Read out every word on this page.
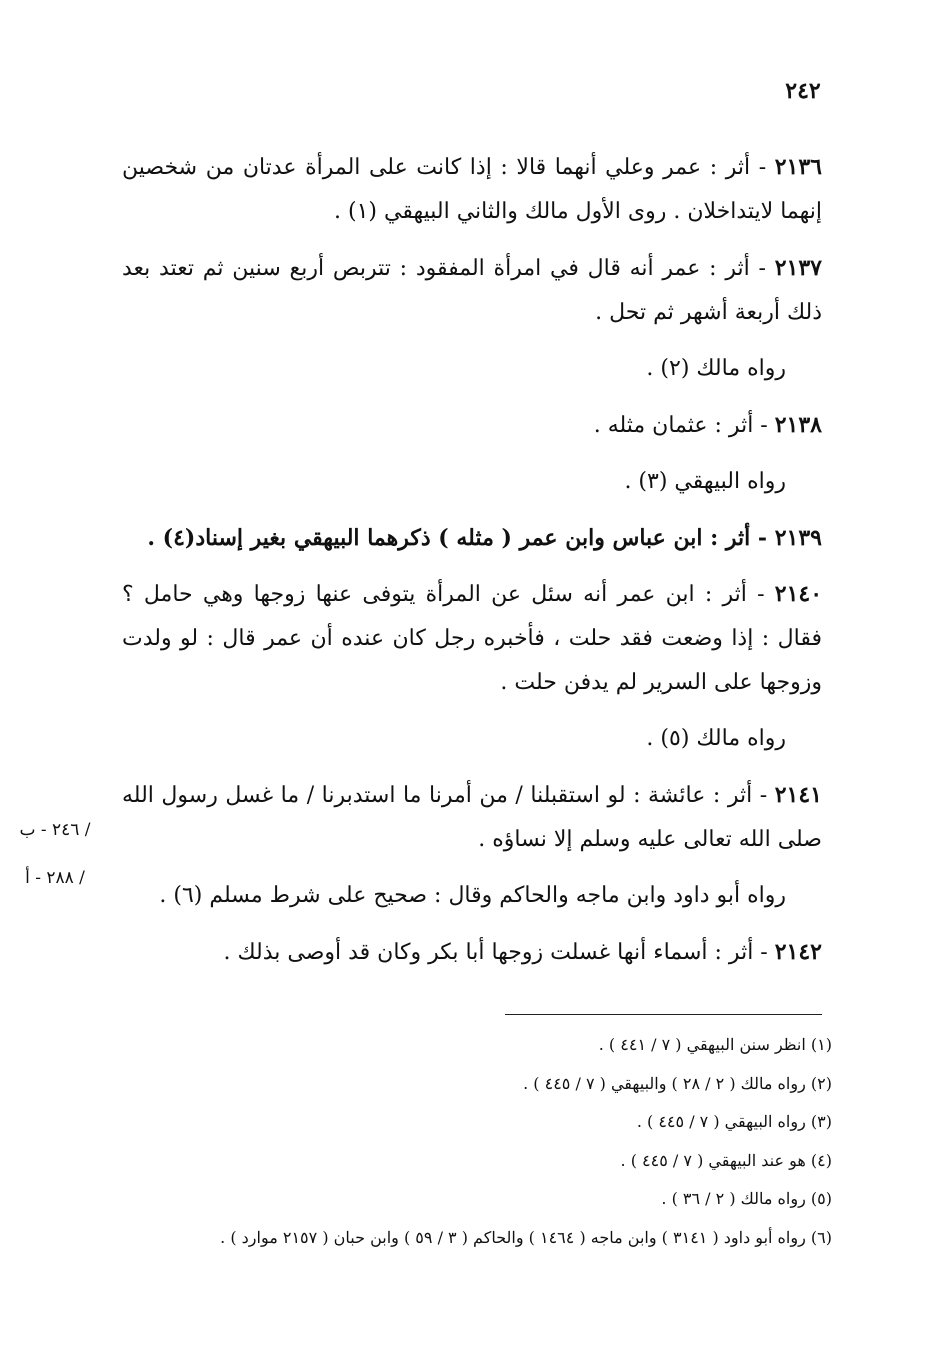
٢٤٢

٢١٣٦ - أثر : عمر وعلي أنهما قالا : إذا كانت على المرأة عدتان من شخصين إنهما لايتداخلان . روى الأول مالك والثاني البيهقي (١) .

٢١٣٧ - أثر : عمر أنه قال في امرأة المفقود : تتربص أربع سنين ثم تعتد بعد ذلك أربعة أشهر ثم تحل .

رواه مالك (٢) .

٢١٣٨ - أثر : عثمان مثله .

رواه البيهقي (٣) .

٢١٣٩ - أثر : ابن عباس وابن عمر ( مثله ) ذكرهما البيهقي بغير إسناد(٤) .

٢١٤٠ - أثر : ابن عمر أنه سئل عن المرأة يتوفى عنها زوجها وهي حامل ؟ فقال : إذا وضعت فقد حلت ، فأخبره رجل كان عنده أن عمر قال : لو ولدت وزوجها على السرير لم يدفن حلت .

رواه مالك (٥) .

٢١٤١ - أثر : عائشة : لو استقبلنا / من أمرنا ما استدبرنا / ما غسل رسول الله صلى الله تعالى عليه وسلم إلا نساؤه .

رواه أبو داود وابن ماجه والحاكم وقال : صحيح على شرط مسلم (٦) .

٢١٤٢ - أثر : أسماء أنها غسلت زوجها أبا بكر وكان قد أوصى بذلك .

/ ٢٤٦ - ب
/ ٢٨٨ - أ

(١) انظر سنن البيهقي ( ٧ / ٤٤١ ) .

(٢) رواه مالك ( ٢ / ٢٨ ) والبيهقي ( ٧ / ٤٤٥ ) .

(٣) رواه البيهقي ( ٧ / ٤٤٥ ) .

(٤) هو عند البيهقي ( ٧ / ٤٤٥ ) .

(٥) رواه مالك ( ٢ / ٣٦ ) .

(٦) رواه أبو داود ( ٣١٤١ ) وابن ماجه ( ١٤٦٤ ) والحاكم ( ٣ / ٥٩ ) وابن حبان ( ٢١٥٧ موارد ) .
